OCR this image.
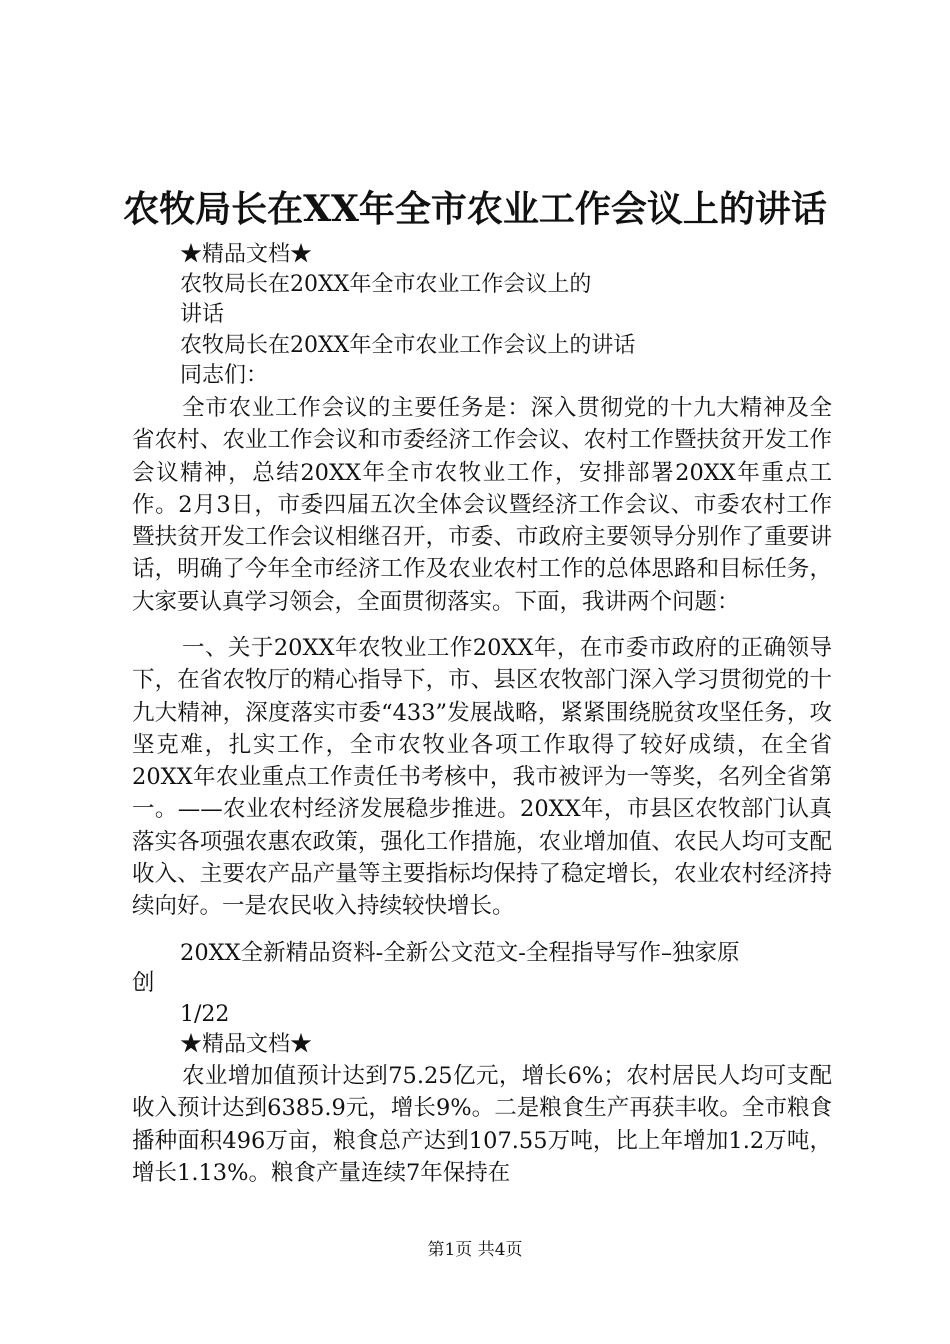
农牧局长在XX年全市农业工作会议上的讲话
★精品文档★
农牧局长在20XX年全市农业工作会议上的
讲话
农牧局长在20XX年全市农业工作会议上的讲话
同志们：
全市农业工作会议的主要任务是：深入贯彻党的十九大精神及全省农村、农业工作会议和市委经济工作会议、农村工作暨扶贫开发工作会议精神，总结20XX年全市农牧业工作，安排部署20XX年重点工作。2月3日，市委四届五次全体会议暨经济工作会议、市委农村工作暨扶贫开发工作会议相继召开，市委、市政府主要领导分别作了重要讲话，明确了今年全市经济工作及农业农村工作的总体思路和目标任务，大家要认真学习领会，全面贯彻落实。下面，我讲两个问题：
一、关于20XX年农牧业工作20XX年，在市委市政府的正确领导下，在省农牧厅的精心指导下，市、县区农牧部门深入学习贯彻党的十九大精神，深度落实市委“433”发展战略，紧紧围绕脱贫攻坚任务，攻坚克难，扎实工作，全市农牧业各项工作取得了较好成绩，在全省20XX年农业重点工作责任书考核中，我市被评为一等奖，名列全省第一。——农业农村经济发展稳步推进。20XX年，市县区农牧部门认真落实各项强农惠农政策，强化工作措施，农业增加值、农民人均可支配收入、主要农产品产量等主要指标均保持了稳定增长，农业农村经济持续向好。一是农民收入持续较快增长。
20XX全新精品资料-全新公文范文-全程指导写作–独家原
创
1/22
★精品文档★
农业增加值预计达到75.25亿元，增长6%；农村居民人均可支配收入预计达到6385.9元，增长9%。二是粮食生产再获丰收。全市粮食播种面积496万亩，粮食总产达到107.55万吨，比上年增加1.2万吨，增长1.13%。粮食产量连续7年保持在
第1页 共4页
